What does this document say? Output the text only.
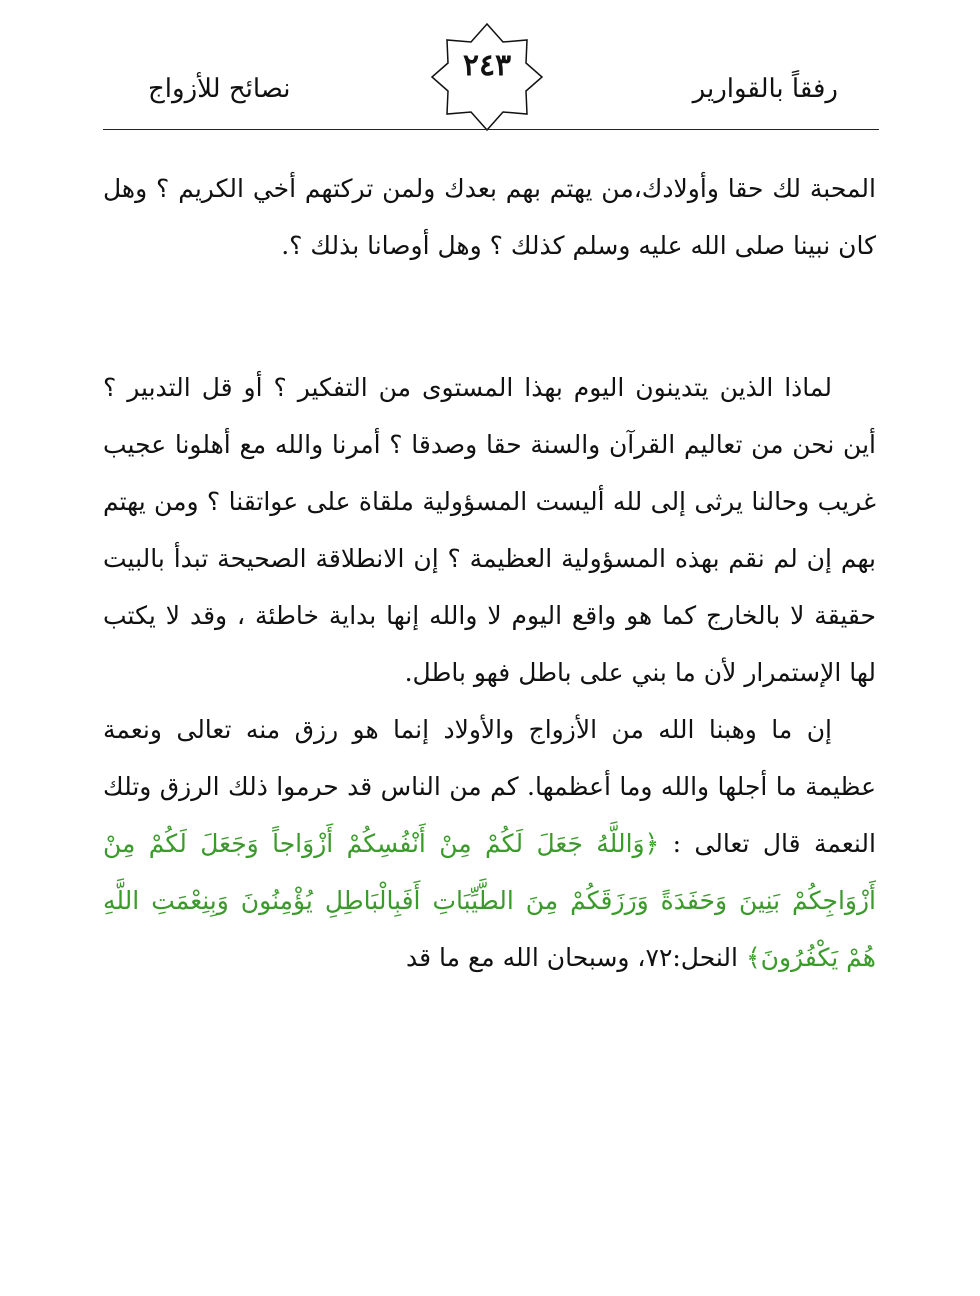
نصائح للأزواج
٢٤٣
رفقاً بالقوارير

المحبة لك حقا وأولادك،من يهتم بهم بعدك ولمن تركتهم أخي الكريم ؟ وهل كان نبينا صلى الله عليه وسلم كذلك ؟ وهل أوصانا بذلك ؟.

لماذا الذين يتدينون اليوم بهذا المستوى من التفكير ؟ أو قل التدبير ؟ أين نحن من تعاليم القرآن والسنة حقا وصدقا ؟ أمرنا والله مع أهلونا عجيب غريب وحالنا يرثى إلى لله أليست المسؤولية ملقاة على عواتقنا ؟ ومن يهتم بهم إن لم نقم بهذه المسؤولية العظيمة ؟ إن الانطلاقة الصحيحة تبدأ بالبيت حقيقة لا بالخارج كما هو واقع اليوم لا والله إنها بداية خاطئة ، وقد لا يكتب لها الإستمرار لأن ما بني على باطل فهو باطل.

إن ما وهبنا الله من الأزواج والأولاد إنما هو رزق منه تعالى ونعمة عظيمة ما أجلها والله وما أعظمها. كم من الناس قد حرموا ذلك الرزق وتلك النعمة قال تعالى : ﴿وَاللَّهُ جَعَلَ لَكُمْ مِنْ أَنْفُسِكُمْ أَزْوَاجاً وَجَعَلَ لَكُمْ مِنْ أَزْوَاجِكُمْ بَنِينَ وَحَفَدَةً وَرَزَقَكُمْ مِنَ الطَّيِّبَاتِ أَفَبِالْبَاطِلِ يُؤْمِنُونَ وَبِنِعْمَتِ اللَّهِ هُمْ يَكْفُرُونَ﴾ النحل:٧٢، وسبحان الله مع ما قد
